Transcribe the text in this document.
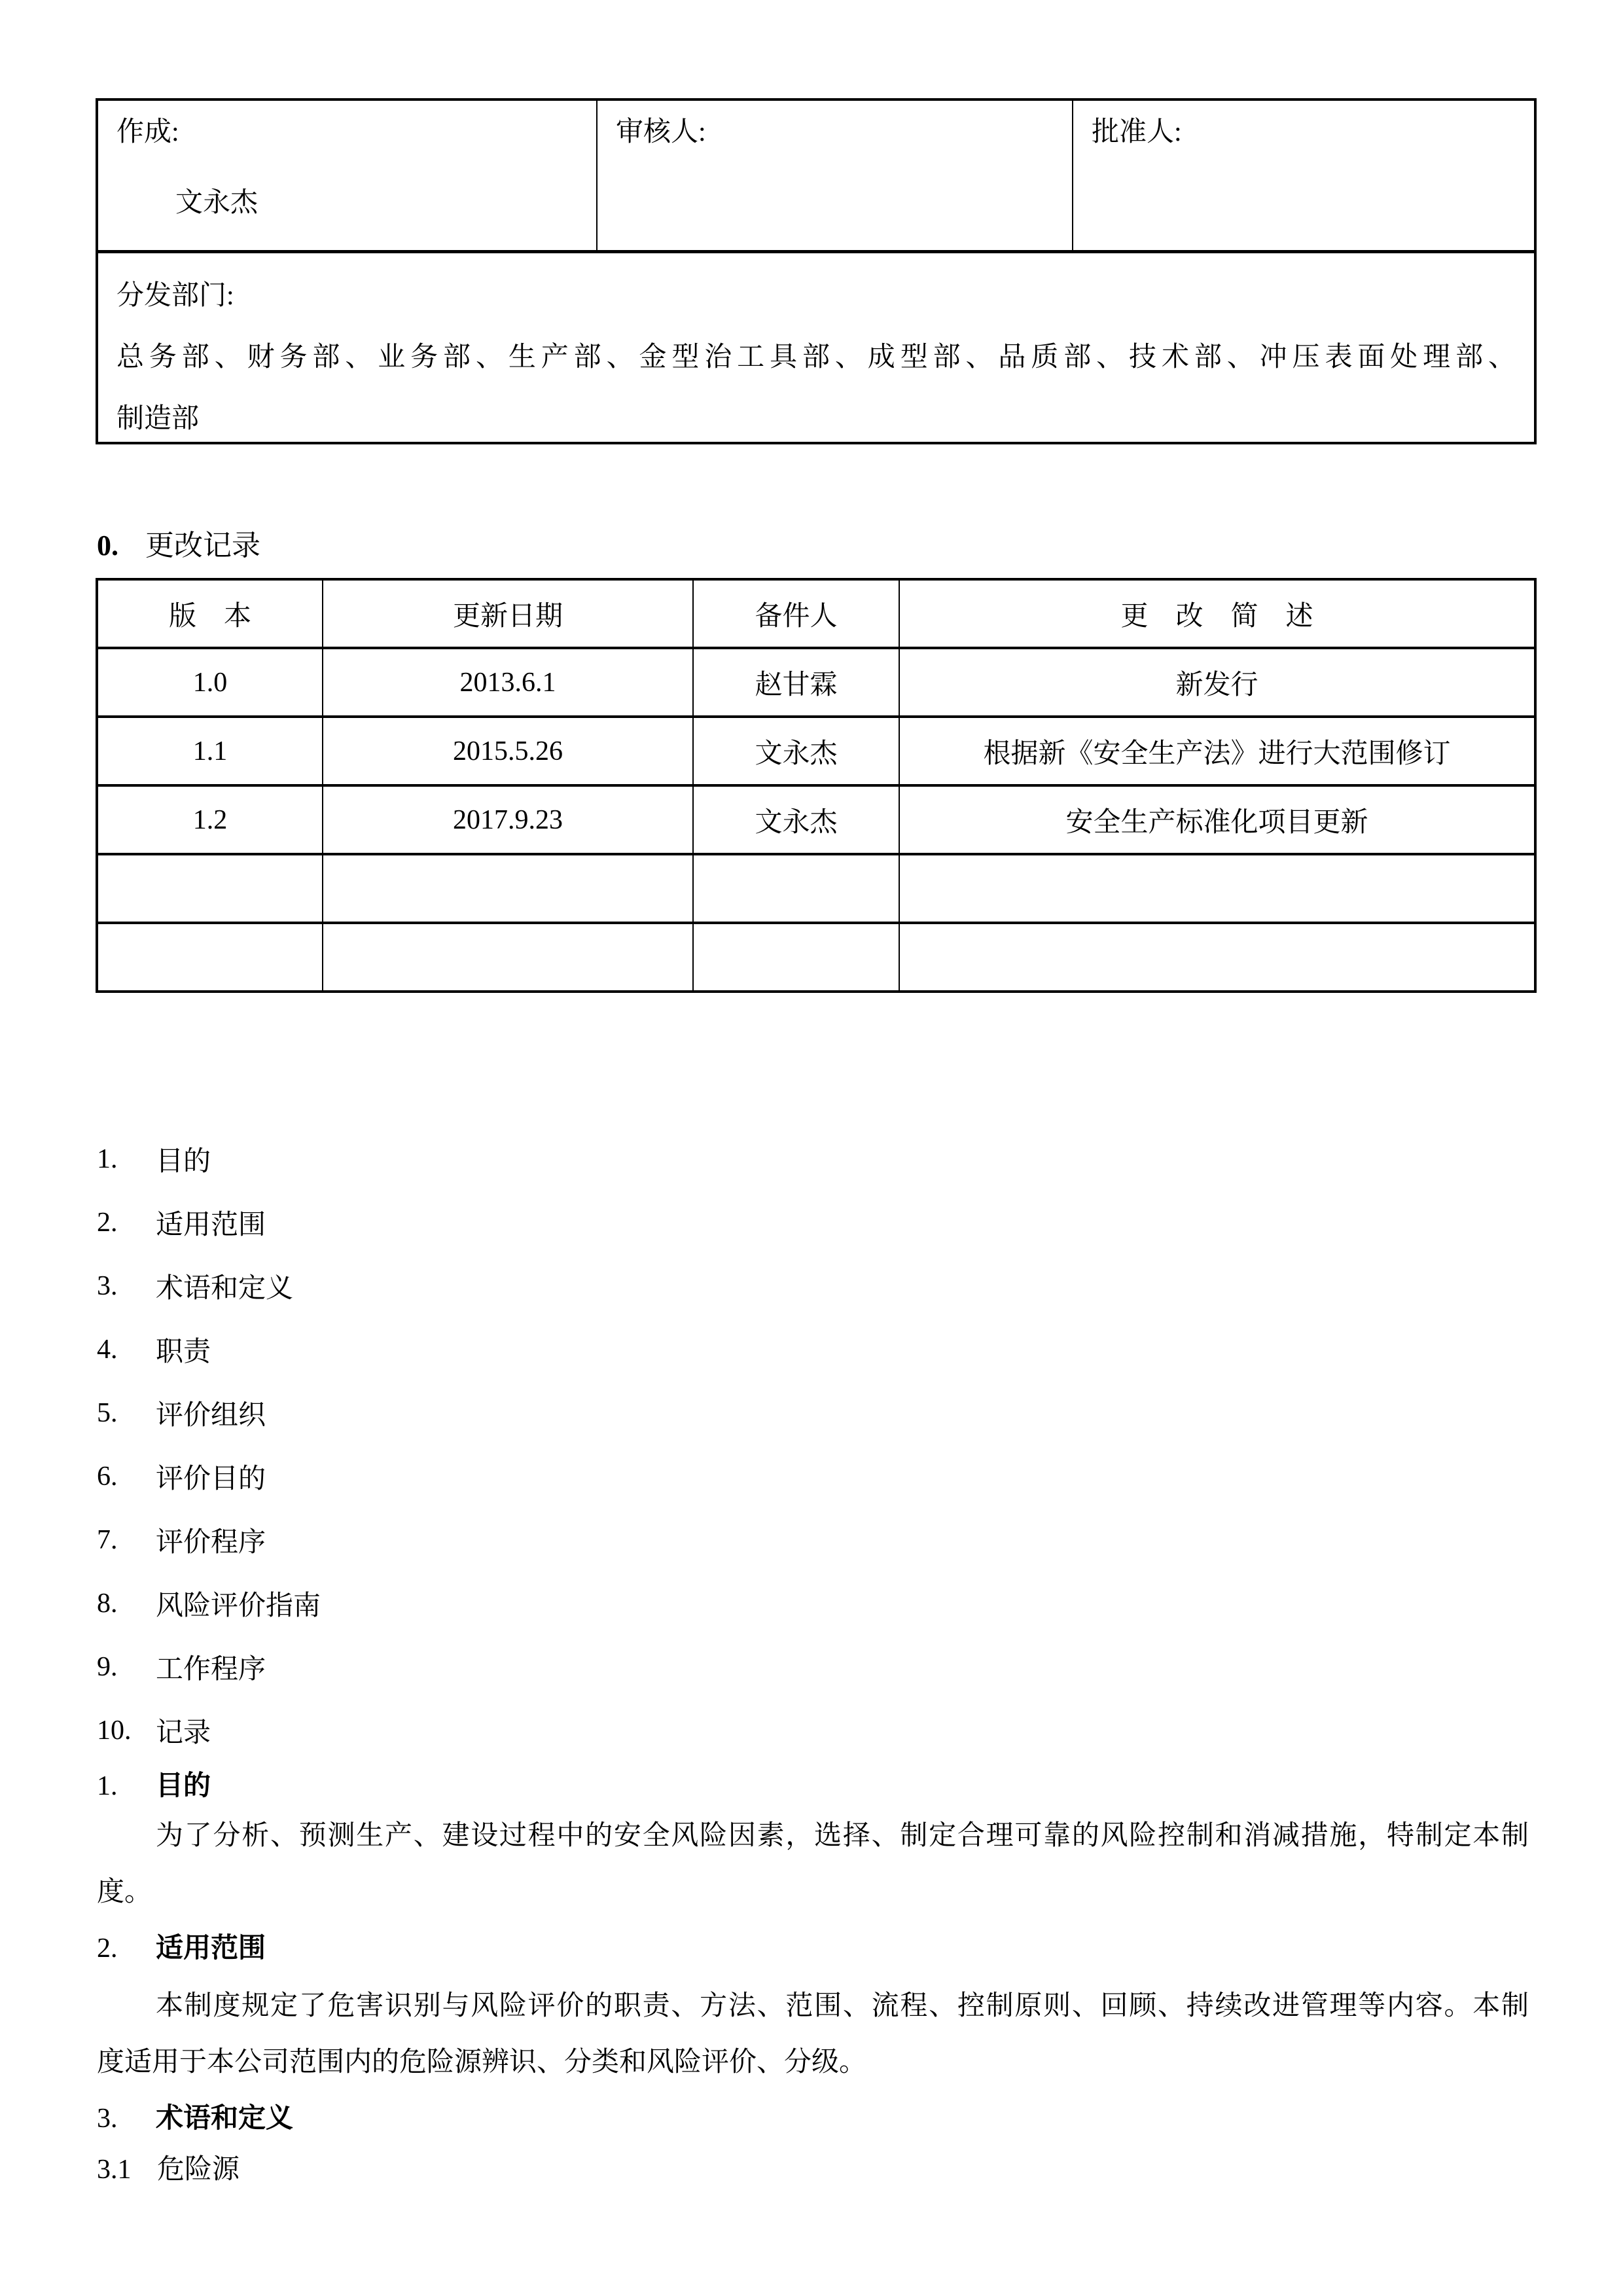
作成:
文永杰
审核人:	批准人:
分发部门:
总务部、财务部、业务部、生产部、金型治工具部、成型部、品质部、技术部、冲压表面处理部、
制造部
0. 更改记录
版　本	更新日期	备件人	更　改　简　述
1.0	2013.6.1	赵甘霖	新发行
1.1	2015.5.26	文永杰	根据新《安全生产法》进行大范围修订
1.2	2017.9.23	文永杰	安全生产标准化项目更新
1.	目的
2.	适用范围
3.	术语和定义
4.	职责
5.	评价组织
6.	评价目的
7.	评价程序
8.	风险评价指南
9.	工作程序
10. 记录
1.	目的
为了分析、预测生产、建设过程中的安全风险因素，选择、制定合理可靠的风险控制和消减措施，特制定本制
度。
2.	适用范围
本制度规定了危害识别与风险评价的职责、方法、范围、流程、控制原则、回顾、持续改进管理等内容。本制
度适用于本公司范围内的危险源辨识、分类和风险评价、分级。
3.	术语和定义
3.1 危险源
